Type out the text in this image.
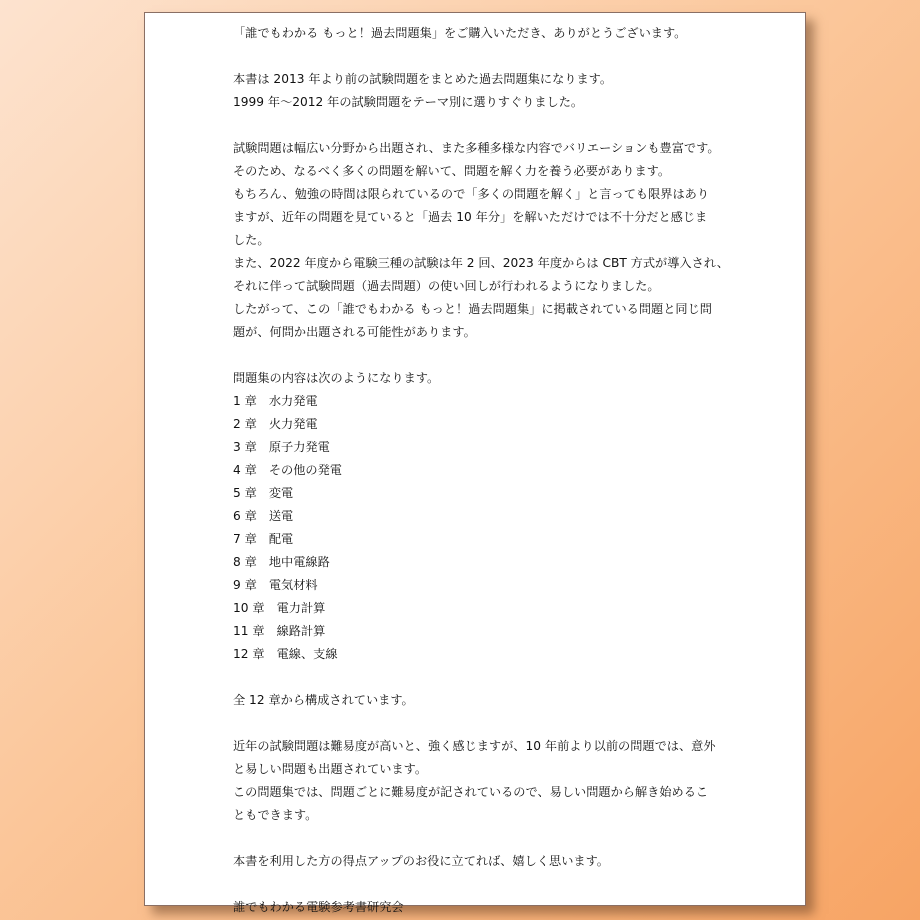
「誰でもわかる もっと！過去問題集」をご購入いただき、ありがとうございます。
本書は 2013 年より前の試験問題をまとめた過去問題集になります。
1999 年～2012 年の試験問題をテーマ別に選りすぐりました。
試験問題は幅広い分野から出題され、また多種多様な内容でバリエーションも豊富です。
そのため、なるべく多くの問題を解いて、問題を解く力を養う必要があります。
もちろん、勉強の時間は限られているので「多くの問題を解く」と言っても限界はあり
ますが、近年の問題を見ていると「過去 10 年分」を解いただけでは不十分だと感じま
した。
また、2022 年度から電験三種の試験は年 2 回、2023 年度からは CBT 方式が導入され、
それに伴って試験問題（過去問題）の使い回しが行われるようになりました。
したがって、この「誰でもわかる もっと！過去問題集」に掲載されている問題と同じ問
題が、何問か出題される可能性があります。
問題集の内容は次のようになります。
1 章 水力発電
2 章 火力発電
3 章 原子力発電
4 章 その他の発電
5 章 変電
6 章 送電
7 章 配電
8 章 地中電線路
9 章 電気材料
10 章 電力計算
11 章 線路計算
12 章 電線、支線
全 12 章から構成されています。
近年の試験問題は難易度が高いと、強く感じますが、10 年前より以前の問題では、意外
と易しい問題も出題されています。
この問題集では、問題ごとに難易度が記されているので、易しい問題から解き始めるこ
ともできます。
本書を利用した方の得点アップのお役に立てれば、嬉しく思います。
誰でもわかる電験参考書研究会
